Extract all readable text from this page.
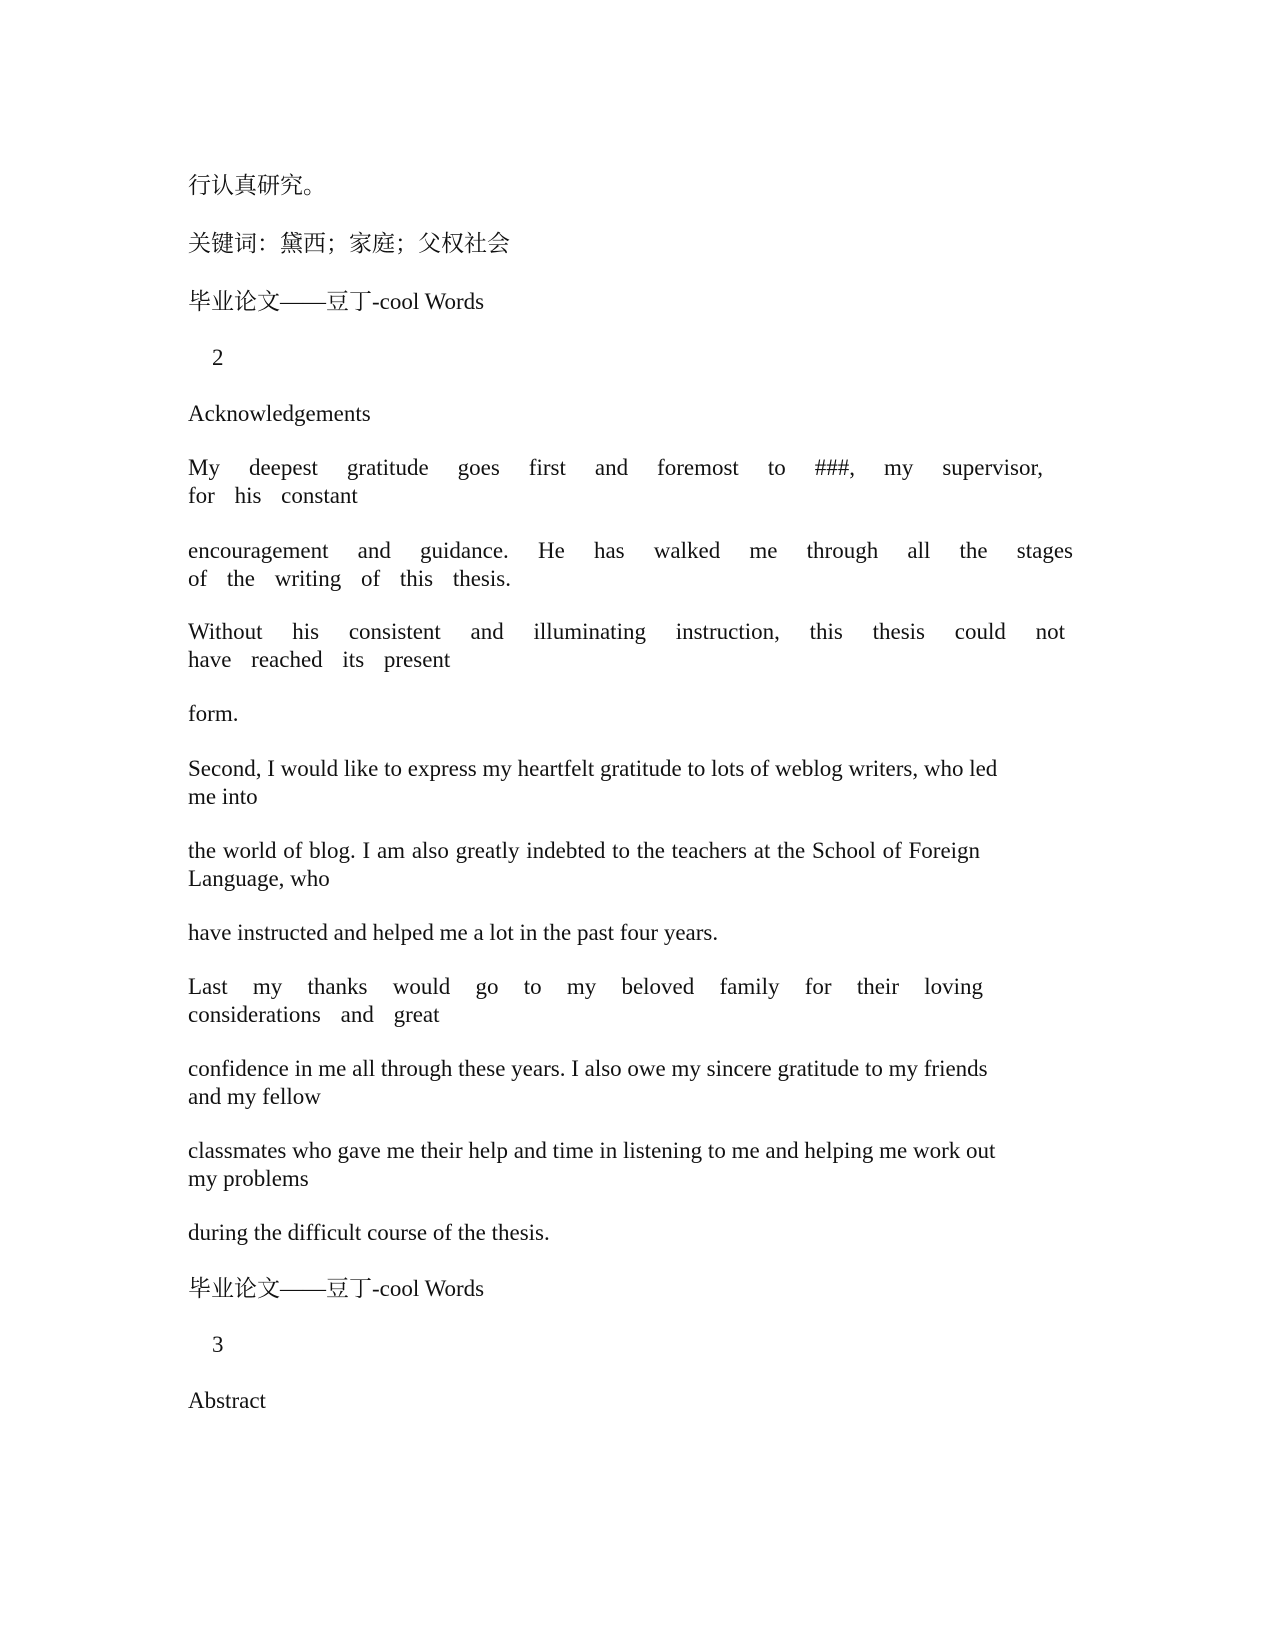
行认真研究。
关键词：黛西；家庭；父权社会
毕业论文——豆丁-cool Words
2
Acknowledgements
My deepest gratitude goes first and foremost to ###, my supervisor,
for his constant
encouragement and guidance. He has walked me through all the stages
of the writing of this thesis.
Without his consistent and illuminating instruction, this thesis could not
have reached its present
form.
Second, I would like to express my heartfelt gratitude to lots of weblog writers, who led
me into
the world of blog. I am also greatly indebted to the teachers at the School of Foreign
Language, who
have instructed and helped me a lot in the past four years.
Last my thanks would go to my beloved family for their loving
considerations and great
confidence in me all through these years. I also owe my sincere gratitude to my friends
and my fellow
classmates who gave me their help and time in listening to me and helping me work out
my problems
during the difficult course of the thesis.
毕业论文——豆丁-cool Words
3
Abstract
